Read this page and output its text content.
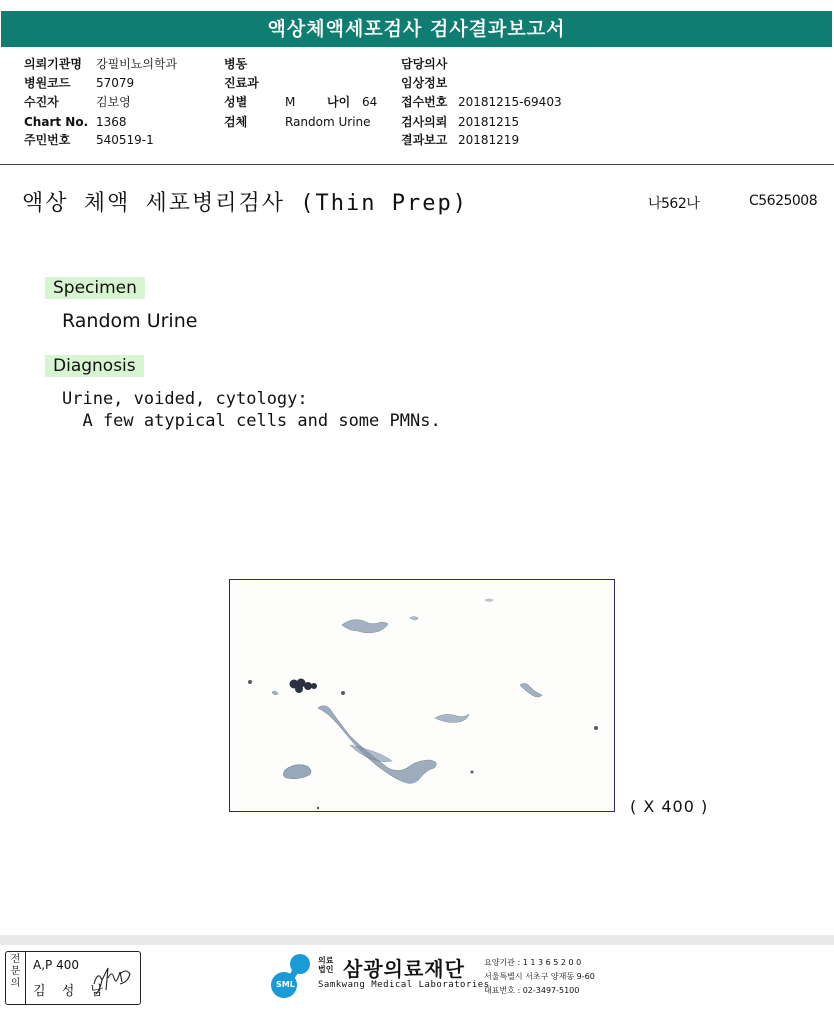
액상체액세포검사 검사결과보고서
의뢰기관명 강필비뇨의학과
병원코드 57079
수진자	김보영
Chart No. 1368
주민번호 540519-1
병동
진료과
성별	M	나이 64
검체	Random Urine
담당의사
임상정보
접수번호 20181215-69403
검사의뢰 20181215
결과보고 20181219
액상 체액 세포병리검사 (Thin Prep)	나562나	C5625008
Specimen
Random Urine
Diagnosis
Urine, voided, cytology:
A few atypical cells and some PMNs.
( X 400 )
전문의
A,P 400
김 성 남	SML
의료
법인 삼광의료재단
Samkwang Medical Laboratories
요양기관 : 1 1 3 6 5 2 0 0
서울특별시 서초구 양재동 9-60
대표번호 : 02-3497-5100
